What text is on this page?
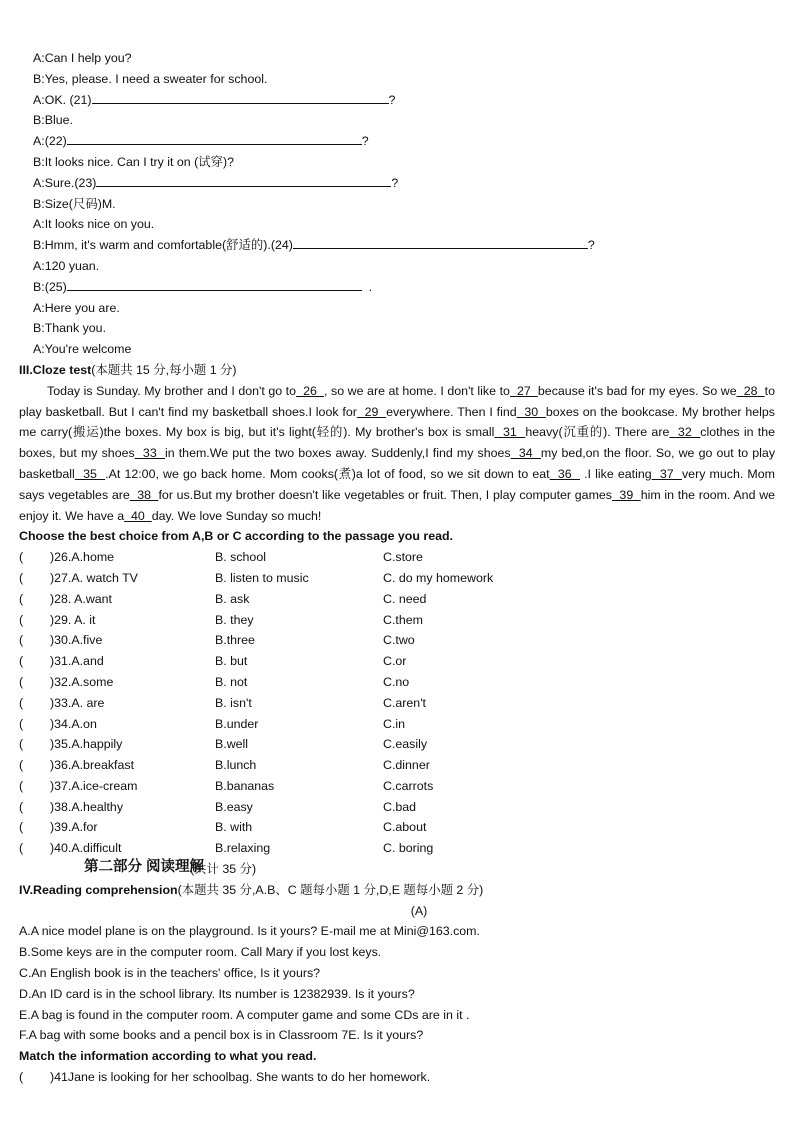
A:Can I help you?
B:Yes, please. I need a sweater for school.
A:OK. (21)	?
B:Blue.
A:(22)	?
B:It looks nice. Can I try it on (试穿)?
A:Sure.(23)	?
B:Size(尺码)M.
A:It looks nice on you.
B:Hmm, it's warm and comfortable(舒适的).(24)	?
A:120 yuan.
B:(25)	.
A:Here you are.
B:Thank you.
A:You're welcome
III.Cloze test(本题共 15 分,每小题 1 分)
Today is Sunday. My brother and I don't go to  26  , so we are at home. I don't like to  27  because it's bad for my eyes. So we  28  to play basketball. But I can't find my basketball shoes.I look for  29  everywhere. Then I find  30  boxes on the bookcase. My brother helps me carry(搬运)the boxes. My box is big, but it's light(轻的). My brother's box is small  31  heavy(沉重的). There are  32  clothes in the boxes, but my shoes  33  in them.We put the two boxes away. Suddenly,I find my shoes  34  my bed,on the floor. So, we go out to play basketball  35  .At 12:00, we go back home. Mom cooks(煮)a lot of food, so we sit down to eat  36   .I like eating  37  very much. Mom says vegetables are  38  for us.But my brother doesn't like vegetables or fruit. Then, I play computer games  39  him in the room. And we enjoy it. We have a  40  day. We love Sunday so much!
Choose the best choice from A,B or C according to the passage you read.
( )26.A.home	B. school	C.store
( )27.A. watch TV	B. listen to music	C. do my homework
( )28. A.want	B. ask	C. need
( )29. A. it	B. they	C.them
( )30.A.five	B.three	C.two
( )31.A.and	B. but	C.or
( )32.A.some	B. not	C.no
( )33.A. are	B. isn't	C.aren't
( )34.A.on	B.under	C.in
( )35.A.happily	B.well	C.easily
( )36.A.breakfast	B.lunch	C.dinner
( )37.A.ice-cream	B.bananas	C.carrots
( )38.A.healthy	B.easy	C.bad
( )39.A.for	B. with	C.about
( )40.A.difficult	B.relaxing	C. boring
第二部分 阅读理解
(共计 35 分)
IV.Reading comprehension(本题共 35 分,A.B、C 题每小题 1 分,D,E 题每小题 2 分)
(A)
A.A nice model plane is on the playground. Is it yours? E-mail me at Mini@163.com.
B.Some keys are in the computer room. Call Mary if you lost keys.
C.An English book is in the teachers' office, Is it yours?
D.An ID card is in the school library. Its number is 12382939. Is it yours?
E.A bag is found in the computer room. A computer game and some CDs are in it .
F.A bag with some books and a pencil box is in Classroom 7E. Is it yours?
Match the information according to what you read.
( )41Jane is looking for her schoolbag. She wants to do her homework.
